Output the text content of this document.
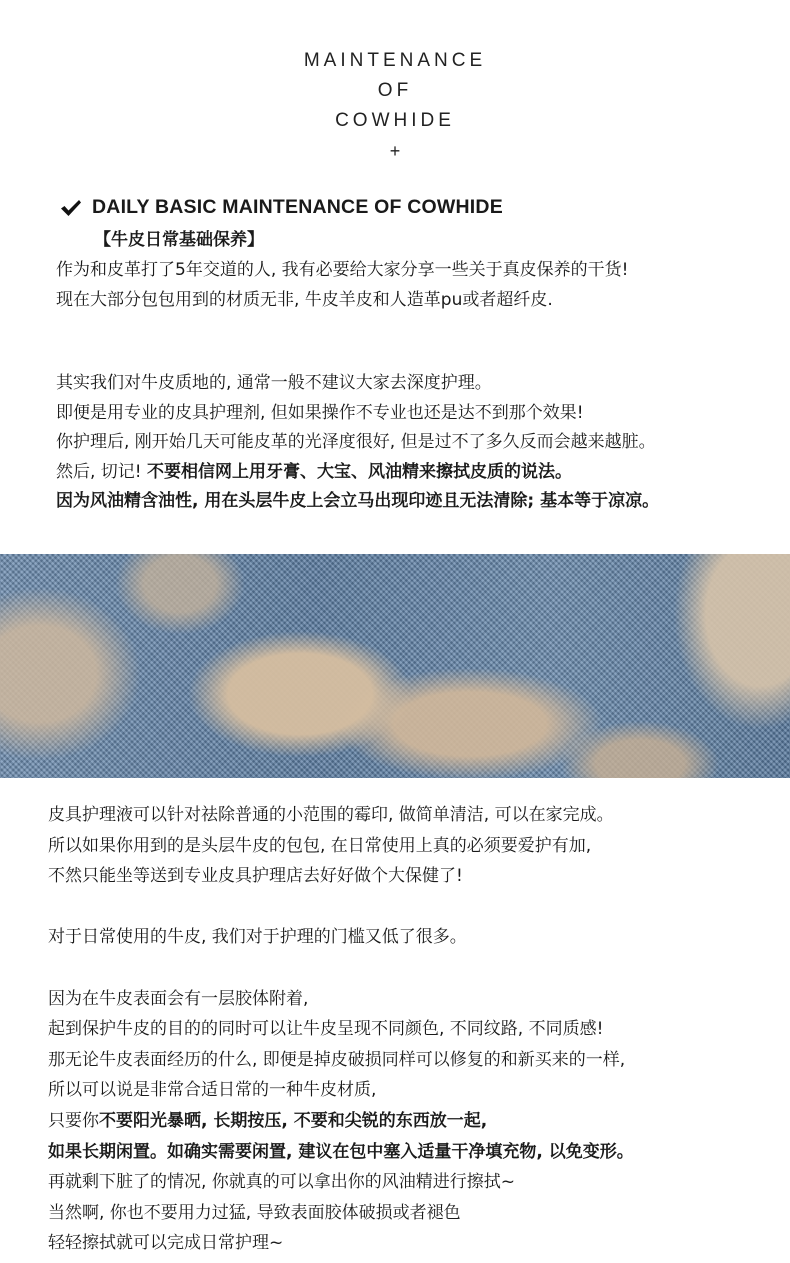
MAINTENANCE
OF
COWHIDE
+
DAILY BASIC MAINTENANCE OF COWHIDE
【牛皮日常基础保养】
作为和皮革打了5年交道的人, 我有必要给大家分享一些关于真皮保养的干货!
现在大部分包包用到的材质无非, 牛皮羊皮和人造革pu或者超纤皮.
其实我们对牛皮质地的, 通常一般不建议大家去深度护理。
即便是用专业的皮具护理剂, 但如果操作不专业也还是达不到那个效果!
你护理后, 刚开始几天可能皮革的光泽度很好, 但是过不了多久反而会越来越脏。
然后, 切记! 不要相信网上用牙膏、大宝、风油精来擦拭皮质的说法。
因为风油精含油性, 用在头层牛皮上会立马出现印迹且无法清除; 基本等于凉凉。
皮具护理液可以针对祛除普通的小范围的霉印, 做简单清洁, 可以在家完成。
所以如果你用到的是头层牛皮的包包, 在日常使用上真的必须要爱护有加,
不然只能坐等送到专业皮具护理店去好好做个大保健了!
对于日常使用的牛皮, 我们对于护理的门槛又低了很多。
因为在牛皮表面会有一层胶体附着,
起到保护牛皮的目的的同时可以让牛皮呈现不同颜色, 不同纹路, 不同质感!
那无论牛皮表面经历的什么, 即便是掉皮破损同样可以修复的和新买来的一样,
所以可以说是非常合适日常的一种牛皮材质,
只要你不要阳光暴晒, 长期按压, 不要和尖锐的东西放一起,
如果长期闲置。如确实需要闲置, 建议在包中塞入适量干净填充物, 以免变形。
再就剩下脏了的情况, 你就真的可以拿出你的风油精进行擦拭~
当然啊, 你也不要用力过猛, 导致表面胶体破损或者褪色
轻轻擦拭就可以完成日常护理~
